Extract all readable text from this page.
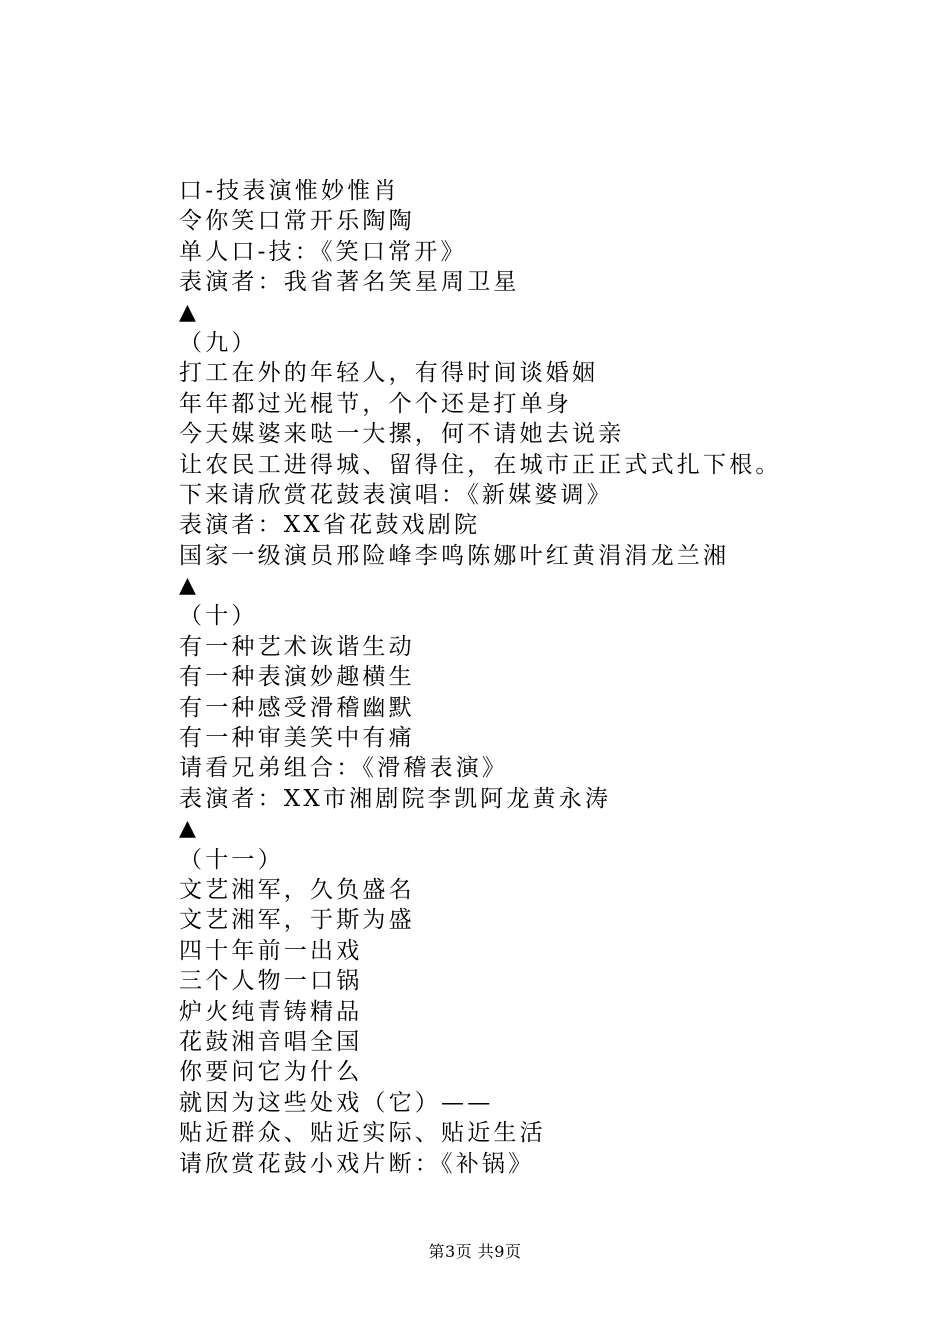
口-技表演惟妙惟肖
令你笑口常开乐陶陶
单人口-技：《笑口常开》
表演者：我省著名笑星周卫星
▲
（九）
打工在外的年轻人，有得时间谈婚姻
年年都过光棍节，个个还是打单身
今天媒婆来哒一大摞，何不请她去说亲
让农民工进得城、留得住，在城市正正式式扎下根。
下来请欣赏花鼓表演唱：《新媒婆调》
表演者：XX省花鼓戏剧院
国家一级演员邢险峰李鸣陈娜叶红黄涓涓龙兰湘
▲
（十）
有一种艺术诙谐生动
有一种表演妙趣横生
有一种感受滑稽幽默
有一种审美笑中有痛
请看兄弟组合：《滑稽表演》
表演者：XX市湘剧院李凯阿龙黄永涛
▲
（十一）
文艺湘军，久负盛名
文艺湘军，于斯为盛
四十年前一出戏
三个人物一口锅
炉火纯青铸精品
花鼓湘音唱全国
你要问它为什么
就因为这些处戏（它）——
贴近群众、贴近实际、贴近生活
请欣赏花鼓小戏片断：《补锅》
第3页 共9页
